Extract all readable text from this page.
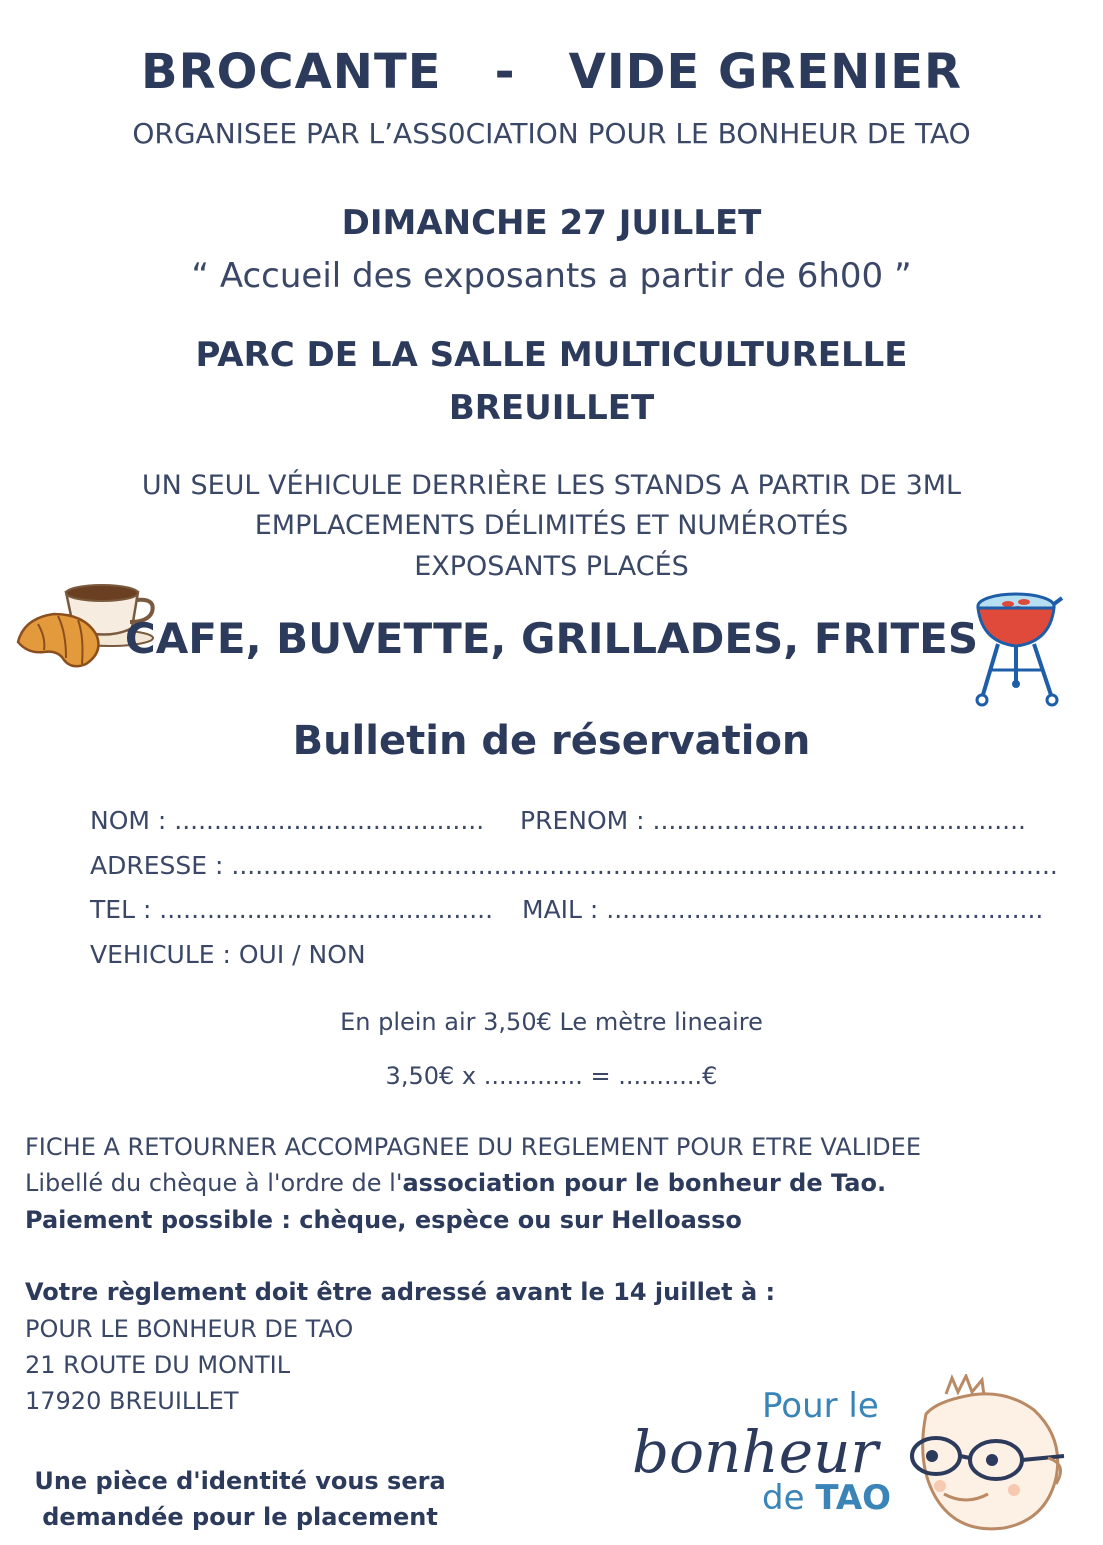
BROCANTE   -   VIDE GRENIER
ORGANISEE PAR L’ASS0CIATION POUR LE BONHEUR DE TAO
DIMANCHE 27 JUILLET
“ Accueil des exposants a partir de 6h00 ”
PARC DE LA SALLE MULTICULTURELLE
BREUILLET
UN SEUL VÉHICULE DERRIÈRE LES STANDS A PARTIR DE 3ML
EMPLACEMENTS DÉLIMITÉS ET NUMÉROTÉS
EXPOSANTS PLACÉS
CAFE, BUVETTE, GRILLADES, FRITES
Bulletin de réservation
NOM : ....................................... PRENOM : ...............................................
ADRESSE : ........................................................................................................
TEL : .......................................... MAIL : .......................................................
VEHICULE : OUI / NON
En plein air 3,50€ Le mètre lineaire
3,50€ x ............. = ...........€
FICHE A RETOURNER ACCOMPAGNEE DU REGLEMENT POUR ETRE VALIDEE
Libellé du chèque à l'ordre de l'association pour le bonheur de Tao.
Paiement possible : chèque, espèce ou sur Helloasso
Votre règlement doit être adressé avant le 14 juillet à :
POUR LE BONHEUR DE TAO
21 ROUTE DU MONTIL
17920 BREUILLET
Une pièce d'identité vous sera
demandée pour le placement
Pour le
bonheur
de TAO
